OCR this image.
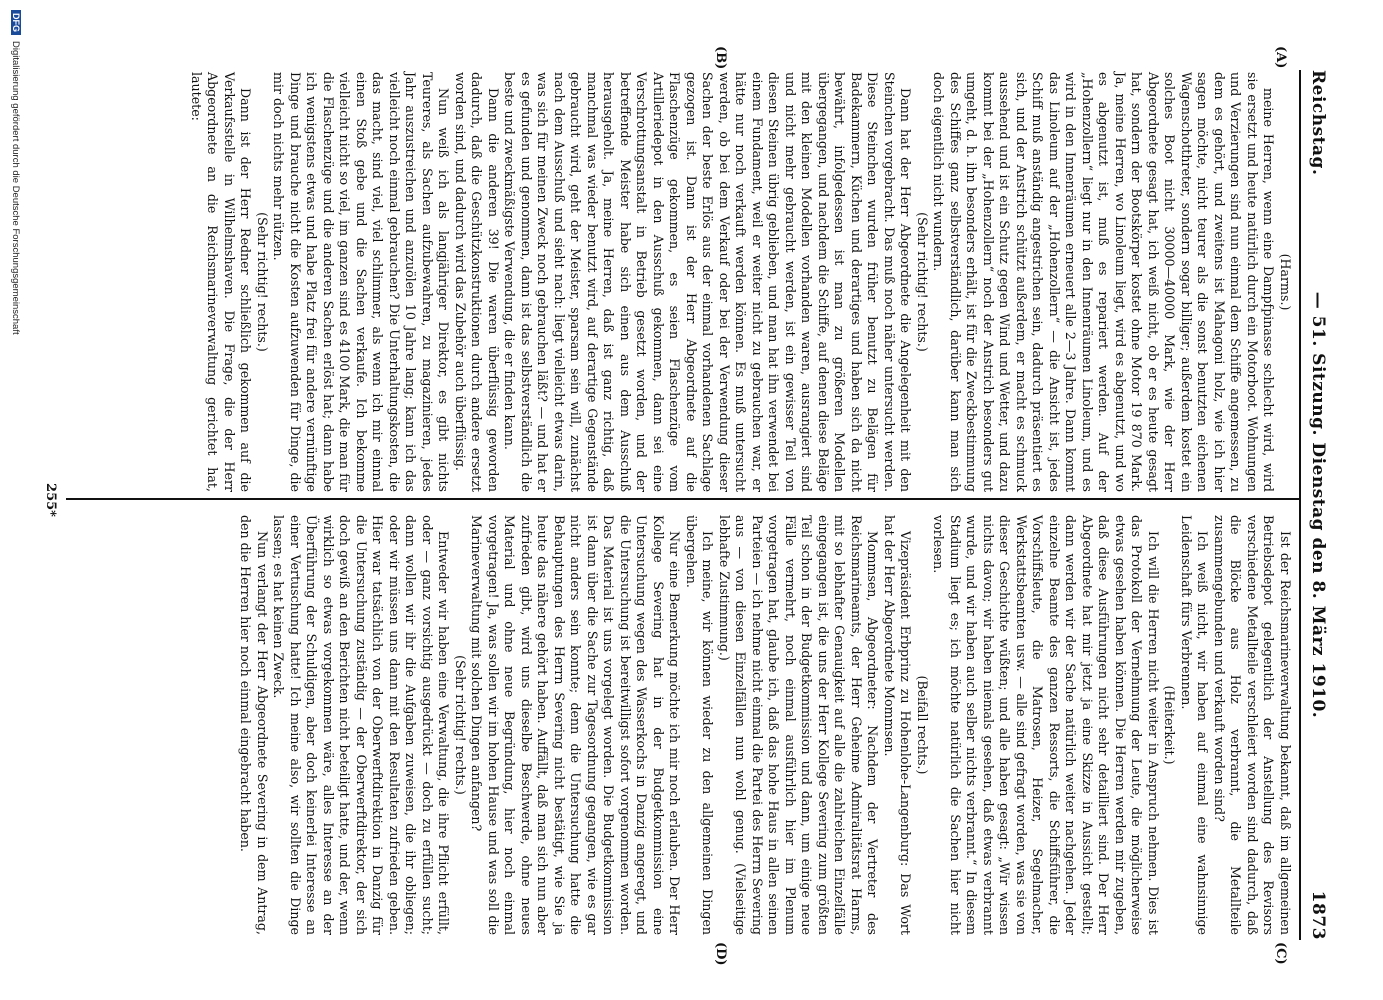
Reichstag.
— 51. Sitzung. Dienstag den 8. März 1910.
1873
(A)
(B)
(C)
(D)

(Harms.)

meine Herren, wenn eine Dampfpinasse schlecht wird, wird sie ersetzt und heute natürlich durch ein Motorboot. Wohnungen und Verzierungen sind nun einmal dem Schiffe angemessen, zu dem es gehört, und zweitens ist Mahagoni holz, wie ich hier sagen möchte, nicht teurer als die sonst benutzten eichenen Wagenschotthreter, sondern sogar billiger; außerdem kostet ein solches Boot nicht 30000—40000 Mark, wie der Herr Abgeordnete gesagt hat, ich weiß nicht, ob er es heute gesagt hat, sondern der Bootskörper kostet ohne Motor 19 870 Mark. Ja, meine Herren, wo Linoleum liegt, wird es abgenutzt, und wo es abgenutzt ist, muß es repariert werden. Auf der „Hohenzollern“ liegt nur in den Innenräumen Linoleum, und es wird in den Innenräumen erneuert alle 2—3 Jahre. Dann kommt das Linoleum auf der „Hohenzollern“ — die Ansicht ist, jedes Schiff muß anständig angestrichen sein, dadurch präsentiert es sich, und der Anstrich schützt außerdem, er macht es schmuck aussehend und ist ein Schutz gegen Wind und Wetter, und dazu kommt bei der „Hohenzollern“ noch der Anstrich besonders gut umgeht, d. h. ihn besonders erhält, ist für die Zweckbestimmung des Schiffes ganz selbstverständlich, darüber kann man sich doch eigentlich nicht wundern.

(Sehr richtig! rechts.)

Dann hat der Herr Abgeordnete die Angelegenheit mit den Steinchen vorgebracht. Das muß noch näher untersucht werden. Diese Steinchen wurden früher benutzt zu Belägen für Badekammern, Küchen und derartiges und haben sich da nicht bewährt, infolgedessen ist man zu größeren Modellen übergegangen, und nachdem die Schiffe, auf denen diese Beläge mit den kleinen Modellen vorhanden waren, ausrangiert sind und nicht mehr gebraucht werden, ist ein gewisser Teil von diesen Steinen übrig geblieben, und man hat ihn verwendet bei einem Fundament, weil er weiter nicht zu gebrauchen war, er hätte nur noch verkauft werden können. Es muß untersucht werden, ob bei dem Verkauf oder bei der Verwendung dieser Sachen der beste Erlös aus der einmal vorhandenen Sachlage gezogen ist. Dann ist der Herr Abgeordnete auf die Flaschenzüge gekommen, es seien Flaschenzüge vom Artilleriedepot in den Ausschuß gekommen, dann sei eine Verschrottungsanstalt in Betrieb gesetzt worden, und der betreffende Meister habe sich einen aus dem Ausschuß herausgeholt. Ja, meine Herren, daß ist ganz richtig, daß manchmal was wieder benutzt wird, auf derartige Gegenstände gebraucht wird, geht der Meister, sparsam sein will, zunächst nach dem Ausschuß und sieht nach: liegt vielleicht etwas darin, was sich für meinen Zweck noch gebrauchen läßt? — und hat er es gefunden und genommen, dann ist das selbstverständlich die beste und zweckmäßigste Verwendung, die er finden kann.

Dann die anderen 39! Die waren überflüssig geworden dadurch, daß die Geschützkonstruktionen durch andere ersetzt worden sind, und dadurch wird das Zubehör auch überflüssig.

Nun weiß ich als langjähriger Direktor, es gibt nichts Teureres, als Sachen aufzubewahren, zu magazinieren, jedes Jahr auszustreichen und anzuölen 10 Jahre lang; kann ich das vielleicht noch einmal gebrauchen? Die Unterhaltungskosten, die das macht, sind viel, viel schlimmer, als wenn ich mir einmal einen Stoß gebe und die Sachen verkaufe. Ich bekomme vielleicht nicht so viel, im ganzen sind es 4100 Mark, die man für die Flaschenzüge und die anderen Sachen erlöst hat; dann habe ich wenigstens etwas und habe Platz frei für andere vernünftige Dinge und brauche nicht die Kosten aufzuwenden für Dinge, die mir doch nichts mehr nützen.

(Sehr richtig! rechts.)

Dann ist der Herr Redner schließlich gekommen auf die Verkaufsstelle in Wilhelmshaven. Die Frage, die der Herr Abgeordnete an die Reichsmarineverwaltung gerichtet hat, lautete:

Ist der Reichsmarineverwaltung bekannt, daß im allgemeinen Betriebsdepot gelegentlich der Anstellung des Revisors verschiedene Metallteile verschleiert worden sind dadurch, daß die Blöcke aus Holz verbrannt, die Metallteile zusammengebunden und verkauft worden sind?

Ich weiß nicht, wir haben auf einmal eine wahnsinnige Leidenschaft fürs Verbrennen.

(Heiterkeit.)

Ich will die Herren nicht weiter in Anspruch nehmen. Dies ist das Protokoll der Vernehmung der Leute, die möglicherweise etwas gesehen haben können. Die Herren werden mir zugeben, daß diese Ausführungen nicht sehr detailliert sind. Der Herr Abgeordnete hat mir jetzt ja eine Skizze in Aussicht gestellt; dann werden wir der Sache natürlich weiter nachgehen. Jeder einzelne Beamte des ganzen Ressorts, die Schiffsführer, die Vorschiffsleute, die Matrosen, Heizer, Segelmacher, Werkstattsbeamten usw. — alle sind gefragt worden, was sie von dieser Geschichte wüßten; und alle haben gesagt: „Wir wissen nichts davon; wir haben niemals gesehen, daß etwas verbrannt wurde, und wir haben auch selber nichts verbrannt.“ In diesem Stadium liegt es; ich möchte natürlich die Sachen hier nicht vorlesen.

(Beifall rechts.)

Vizepräsident Erbprinz zu Hohenlohe-Langenburg: Das Wort hat der Herr Abgeordnete Mommsen.

Mommsen, Abgeordneter: Nachdem der Vertreter des Reichsmarineamts, der Herr Geheime Admiralitätsrat Harms, mit so lebhafter Genauigkeit auf alle die zahlreichen Einzelfälle eingegangen ist, die uns der Herr Kollege Severing zum größten Teil schon in der Budgetkommission und dann, um einige neue Fälle vermehrt, noch einmal ausführlich hier im Plenum vorgetragen hat, glaube ich, daß das hohe Haus in allen seinen Parteien — ich nehme nicht einmal die Partei des Herrn Severing aus — von diesen Einzelfällen nun wohl genug. (Vielseitige lebhafte Zustimmung.)

Ich meine, wir können wieder zu den allgemeinen Dingen übergehen.

Nur eine Bemerkung möchte ich mir noch erlauben. Der Herr Kollege Severing hat in der Budgetkommission eine Untersuchung wegen des Wasserkochs in Danzig angeregt, und die Untersuchung ist bereitwilligst sofort vorgenommen worden. Das Material ist uns vorgelegt worden. Die Budgetkommission ist dann über die Sache zur Tagesordnung gegangen, wie es gar nicht anders sein konnte; denn die Untersuchung hatte die Behauptungen des Herrn Severing nicht bestätigt, wie Sie ja heute das nähere gehört haben. Auffällt, daß man sich nun aber zufrieden gibt, wird uns dieselbe Beschwerde, ohne neues Material und ohne neue Begründung, hier noch einmal vorgetragen! Ja, was sollen wir im hohen Hause und was soll die Marineverwaltung mit solchen Dingen anfangen?

(Sehr richtig! rechts.)

Entweder wir haben eine Verwaltung, die ihre Pflicht erfüllt, oder — ganz vorsichtig ausgedrückt — doch zu erfüllen sucht; dann wollen wir ihr die Aufgaben zuweisen, die ihr obliegen; oder wir müssen uns dann mit den Resultaten zufrieden geben. Hier war tatsächlich von der Oberwerftdirektion in Danzig für die Untersuchung zuständig — der Oberwerftdirektor, der sich doch gewiß an den Berichten nicht beteiligt hatte, und der, wenn wirklich so etwas vorgekommen wäre, alles Interesse an der Überführung der Schuldigen, aber doch keinerlei Interesse an einer Vertuschung hatte! Ich meine also, wir sollten die Dinge lassen; es hat keinen Zweck.

Nun verlangt der Herr Abgeordnete Severing in dem Antrag, den die Herren hier noch einmal eingebracht haben.

255*
DFGDigitalisierung gefördert durch die Deutsche Forschungsgemeinschaft
